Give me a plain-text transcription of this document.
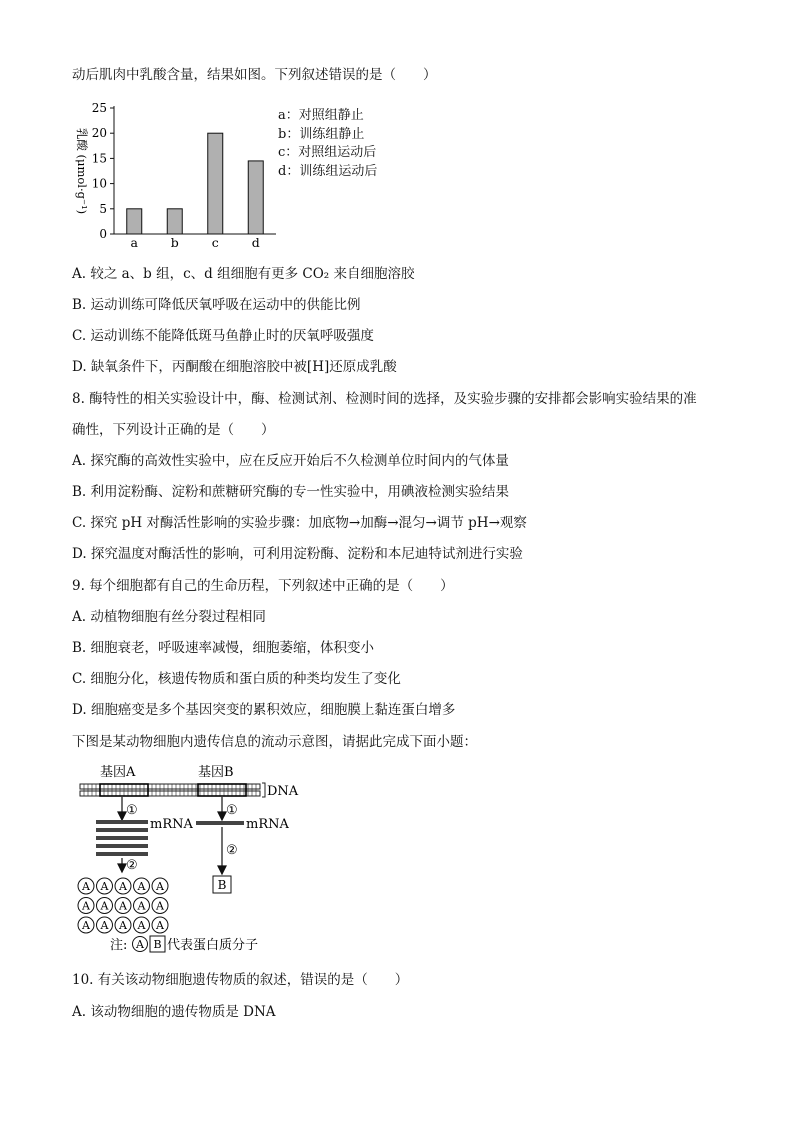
动后肌肉中乳酸含量，结果如图。下列叙述错误的是（　　）
0
5
10
15
20
25
a	b	c	d
乳酸 (μmol·g⁻¹)
a：对照组静止
b：训练组静止
c：对照组运动后
d：训练组运动后
A. 较之 a、b 组，c、d 组细胞有更多 CO₂ 来自细胞溶胶
B. 运动训练可降低厌氧呼吸在运动中的供能比例
C. 运动训练不能降低斑马鱼静止时的厌氧呼吸强度
D. 缺氧条件下，丙酮酸在细胞溶胶中被[H]还原成乳酸
8. 酶特性的相关实验设计中，酶、检测试剂、检测时间的选择，及实验步骤的安排都会影响实验结果的准
确性，下列设计正确的是（　　）
A. 探究酶的高效性实验中，应在反应开始后不久检测单位时间内的气体量
B. 利用淀粉酶、淀粉和蔗糖研究酶的专一性实验中，用碘液检测实验结果
C. 探究 pH 对酶活性影响的实验步骤：加底物→加酶→混匀→调节 pH→观察
D. 探究温度对酶活性的影响，可利用淀粉酶、淀粉和本尼迪特试剂进行实验
9. 每个细胞都有自己的生命历程，下列叙述中正确的是（　　）
A. 动植物细胞有丝分裂过程相同
B. 细胞衰老，呼吸速率减慢，细胞萎缩，体积变小
C. 细胞分化，核遗传物质和蛋白质的种类均发生了变化
D. 细胞癌变是多个基因突变的累积效应，细胞膜上黏连蛋白增多
下图是某动物细胞内遗传信息的流动示意图，请据此完成下面小题：
基因A	基因B
DNA
①	①
mRNA	mRNA
②
②
A A A A A
A A A A A
A A A A A
B
注: A B 代表蛋白质分子
10. 有关该动物细胞遗传物质的叙述，错误的是（　　）
A. 该动物细胞的遗传物质是 DNA
